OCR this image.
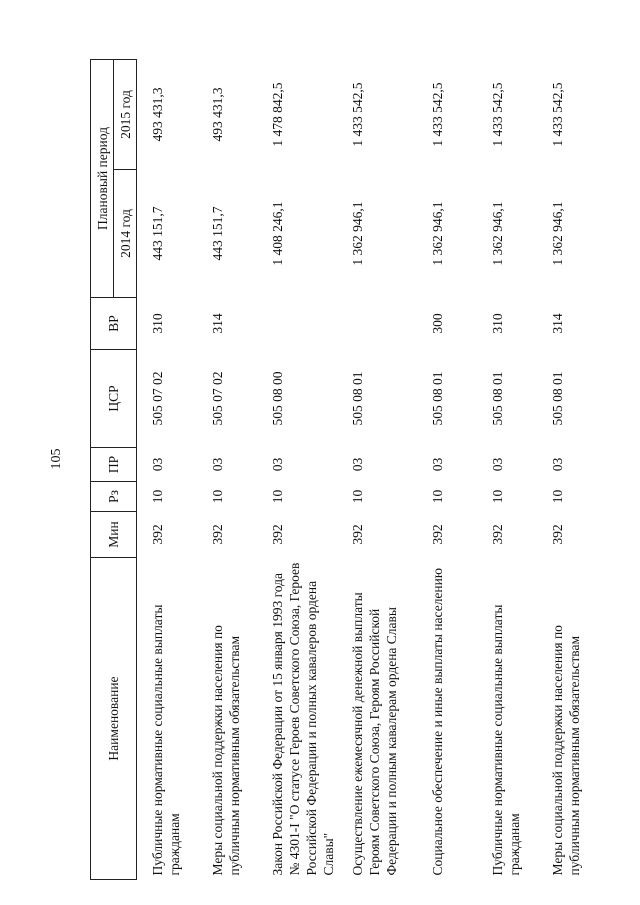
105
Наименование	Мин	Рз	ПР	ЦСР	ВР	Плановый период	
						2014 год	2015 год
Публичные нормативные социальные выплаты гражданам	392	10	03	505 07 02	310	443 151,7	493 431,3
Меры социальной поддержки населения по публичным нормативным обязательствам	392	10	03	505 07 02	314	443 151,7	493 431,3
Закон Российской Федерации от 15 января 1993 года № 4301-I "О статусе Героев Советского Союза, Героев Российской Федерации и полных кавалеров ордена Славы"	392	10	03	505 08 00		1 408 246,1	1 478 842,5
Осуществление ежемесячной денежной выплаты Героям Советского Союза, Героям Российской Федерации и полным кавалерам ордена Славы	392	10	03	505 08 01		1 362 946,1	1 433 542,5
Социальное обеспечение и иные выплаты населению	392	10	03	505 08 01	300	1 362 946,1	1 433 542,5
Публичные нормативные социальные выплаты гражданам	392	10	03	505 08 01	310	1 362 946,1	1 433 542,5
Меры социальной поддержки населения по публичным нормативным обязательствам	392	10	03	505 08 01	314	1 362 946,1	1 433 542,5
